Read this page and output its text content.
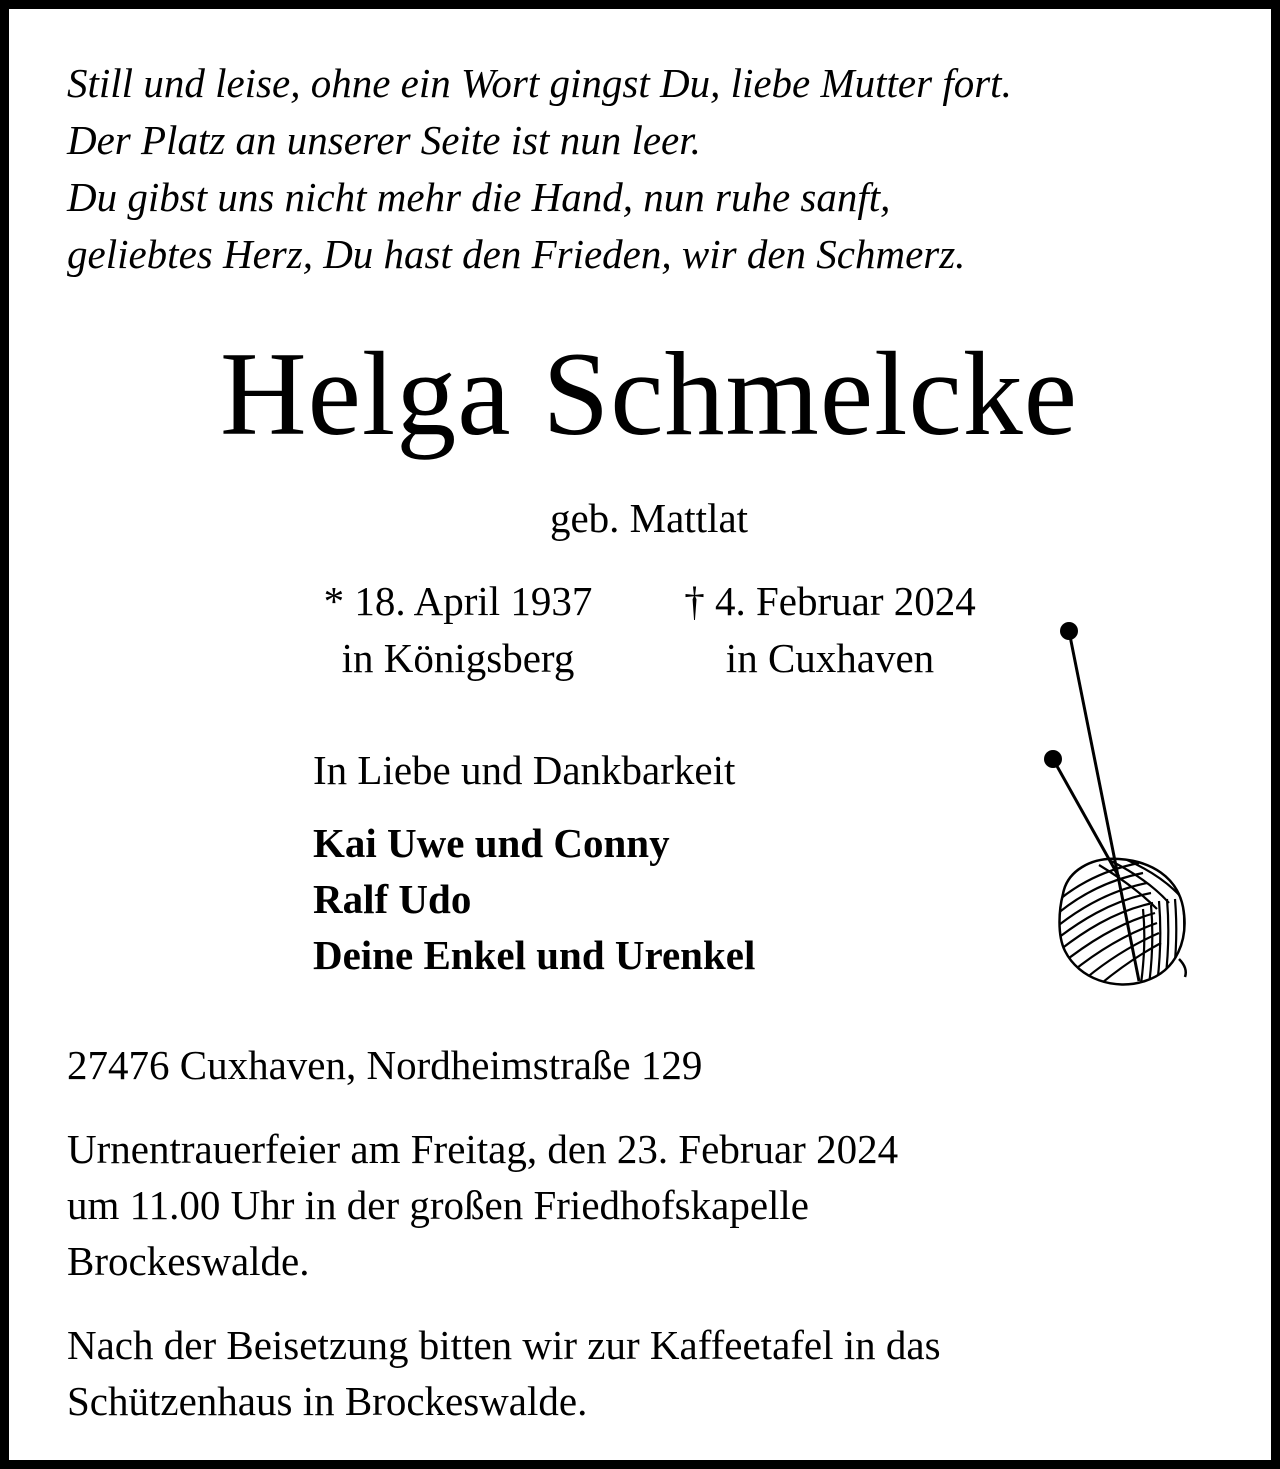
Still und leise, ohne ein Wort gingst Du, liebe Mutter fort.
Der Platz an unserer Seite ist nun leer.
Du gibst uns nicht mehr die Hand, nun ruhe sanft,
geliebtes Herz, Du hast den Frieden, wir den Schmerz.
Helga Schmelcke
geb. Mattlat
* 18. April 1937
in Königsberg
† 4. Februar 2024
in Cuxhaven
In Liebe und Dankbarkeit
Kai Uwe und Conny
Ralf Udo
Deine Enkel und Urenkel
27476 Cuxhaven, Nordheimstraße 129
Urnentrauerfeier am Freitag, den 23. Februar 2024
um 11.00 Uhr in der großen Friedhofskapelle
Brockeswalde.
Nach der Beisetzung bitten wir zur Kaffeetafel in das
Schützenhaus in Brockeswalde.
